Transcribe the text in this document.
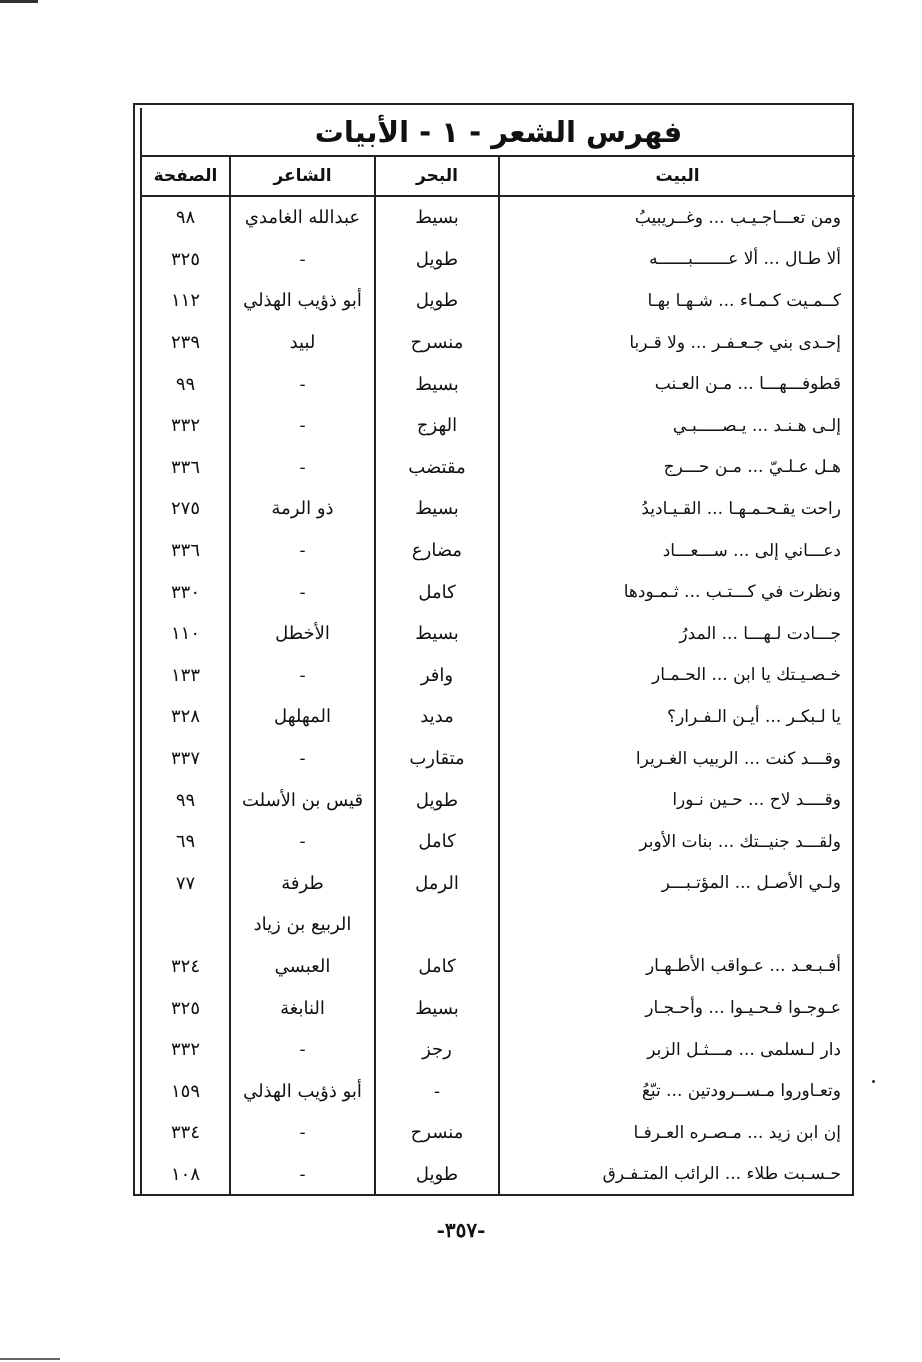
فهرس الشعر - ١ - الأبيات			
البيت	البحر	الشاعر	الصفحة
ومن تعـــاجـيـب ... وغــريبيبُ	بسيط	عبدالله الغامدي	٩٨
ألا طـال ... ألا عـــــــبــــــه	طويل	-	٣٢٥
كــمـيت كـمـاء ... شـهـا بهـا	طويل	أبو ذؤيب الهذلي	١١٢
إحـدى بني جـعـفـر ... ولا قـربا	منسرح	لبيد	٢٣٩
قطوفـــهـــا ... مـن العـنب	بسيط	-	٩٩
إلـى هـنـد ... يـصـــــبـي	الهزج	-	٣٣٢
هـل عـلـيّ ... مـن حـــرج	مقتضب	-	٣٣٦
راحت يقـحـمـهـا ... القـيـاديدُ	بسيط	ذو الرمة	٢٧٥
دعـــاني إلى ... ســـعـــاد	مضارع	-	٣٣٦
ونظرت في كـــتـب ... ثـمـودها	كامل	-	٣٣٠
جـــادت لـهـــا ... المدرُ	بسيط	الأخطل	١١٠
خـصـيـتك يا ابن ... الحـمـار	وافر	-	١٣٣
يا لـبكـر ... أيـن الـفـرار؟	مديد	المهلهل	٣٢٨
وقـــد كنت ... الربيب الغـريرا	متقارب	-	٣٣٧
وقــــد لاح ... حـين نـورا	طويل	قيس بن الأسلت	٩٩
ولقـــد جنيــتك ... بنات الأوبر	كامل	-	٦٩
ولـي الأصـل ... المؤتـبـــر	الرمل	طرفة	٧٧
		الربيع بن زياد	
أفـبـعـد ... عـواقب الأطـهـار	كامل	العبسي	٣٢٤
عـوجـوا فـحـيـوا ... وأحـجـار	بسيط	النابغة	٣٢٥
دار لـسلمى ... مـــثـل الزبر	رجز	-	٣٣٢
وتعـاوروا مـســرودتين ... تبّعُ	-	أبو ذؤيب الهذلي	١٥٩
إن ابن زيد ... مـصـره العـرفـا	منسرح	-	٣٣٤
حـسـبت طلاء ... الرائب المتـفـرق	طويل	-	١٠٨
-٣٥٧-
